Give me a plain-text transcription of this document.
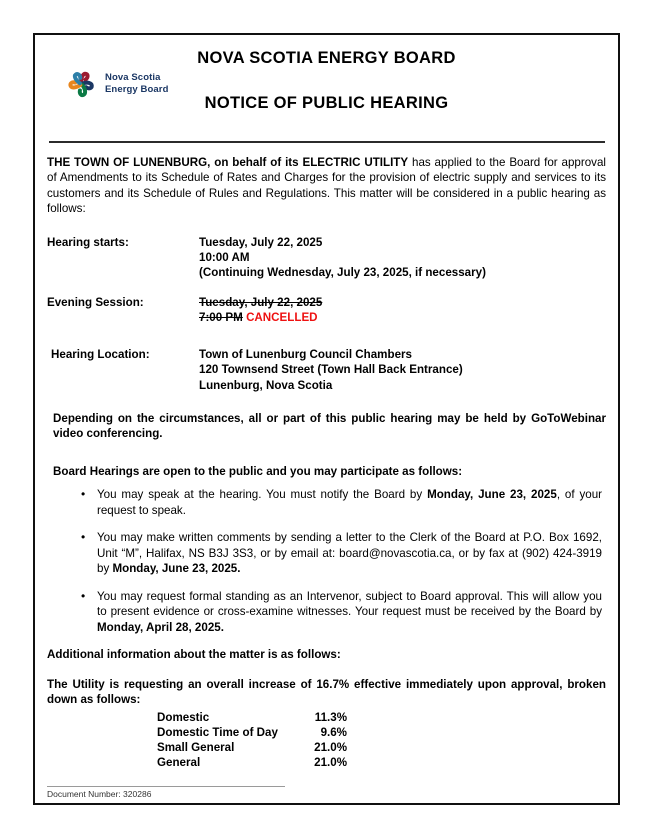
Nova Scotia
Energy Board
NOVA SCOTIA ENERGY BOARD
NOTICE OF PUBLIC HEARING

THE TOWN OF LUNENBURG, on behalf of its ELECTRIC UTILITY has applied to the Board for approval of Amendments to its Schedule of Rates and Charges for the provision of electric supply and services to its customers and its Schedule of Rules and Regulations. This matter will be considered in a public hearing as follows:

Hearing starts:	Tuesday, July 22, 2025
10:00 AM
(Continuing Wednesday, July 23, 2025, if necessary)
Evening Session:	Tuesday, July 22, 2025
7:00 PM CANCELLED
Hearing Location:	Town of Lunenburg Council Chambers
120 Townsend Street (Town Hall Back Entrance)
Lunenburg, Nova Scotia

Depending on the circumstances, all or part of this public hearing may be held by GoToWebinar video conferencing.

Board Hearings are open to the public and you may participate as follows:

• You may speak at the hearing. You must notify the Board by Monday, June 23, 2025, of your request to speak.
• You may make written comments by sending a letter to the Clerk of the Board at P.O. Box 1692, Unit “M”, Halifax, NS B3J 3S3, or by email at: board@novascotia.ca, or by fax at (902) 424-3919 by Monday, June 23, 2025.
• You may request formal standing as an Intervenor, subject to Board approval. This will allow you to present evidence or cross-examine witnesses. Your request must be received by the Board by Monday, April 28, 2025.

Additional information about the matter is as follows:

The Utility is requesting an overall increase of 16.7% effective immediately upon approval, broken down as follows:

Domestic	11.3%
Domestic Time of Day	9.6%
Small General	21.0%
General	21.0%
Document Number: 320286
